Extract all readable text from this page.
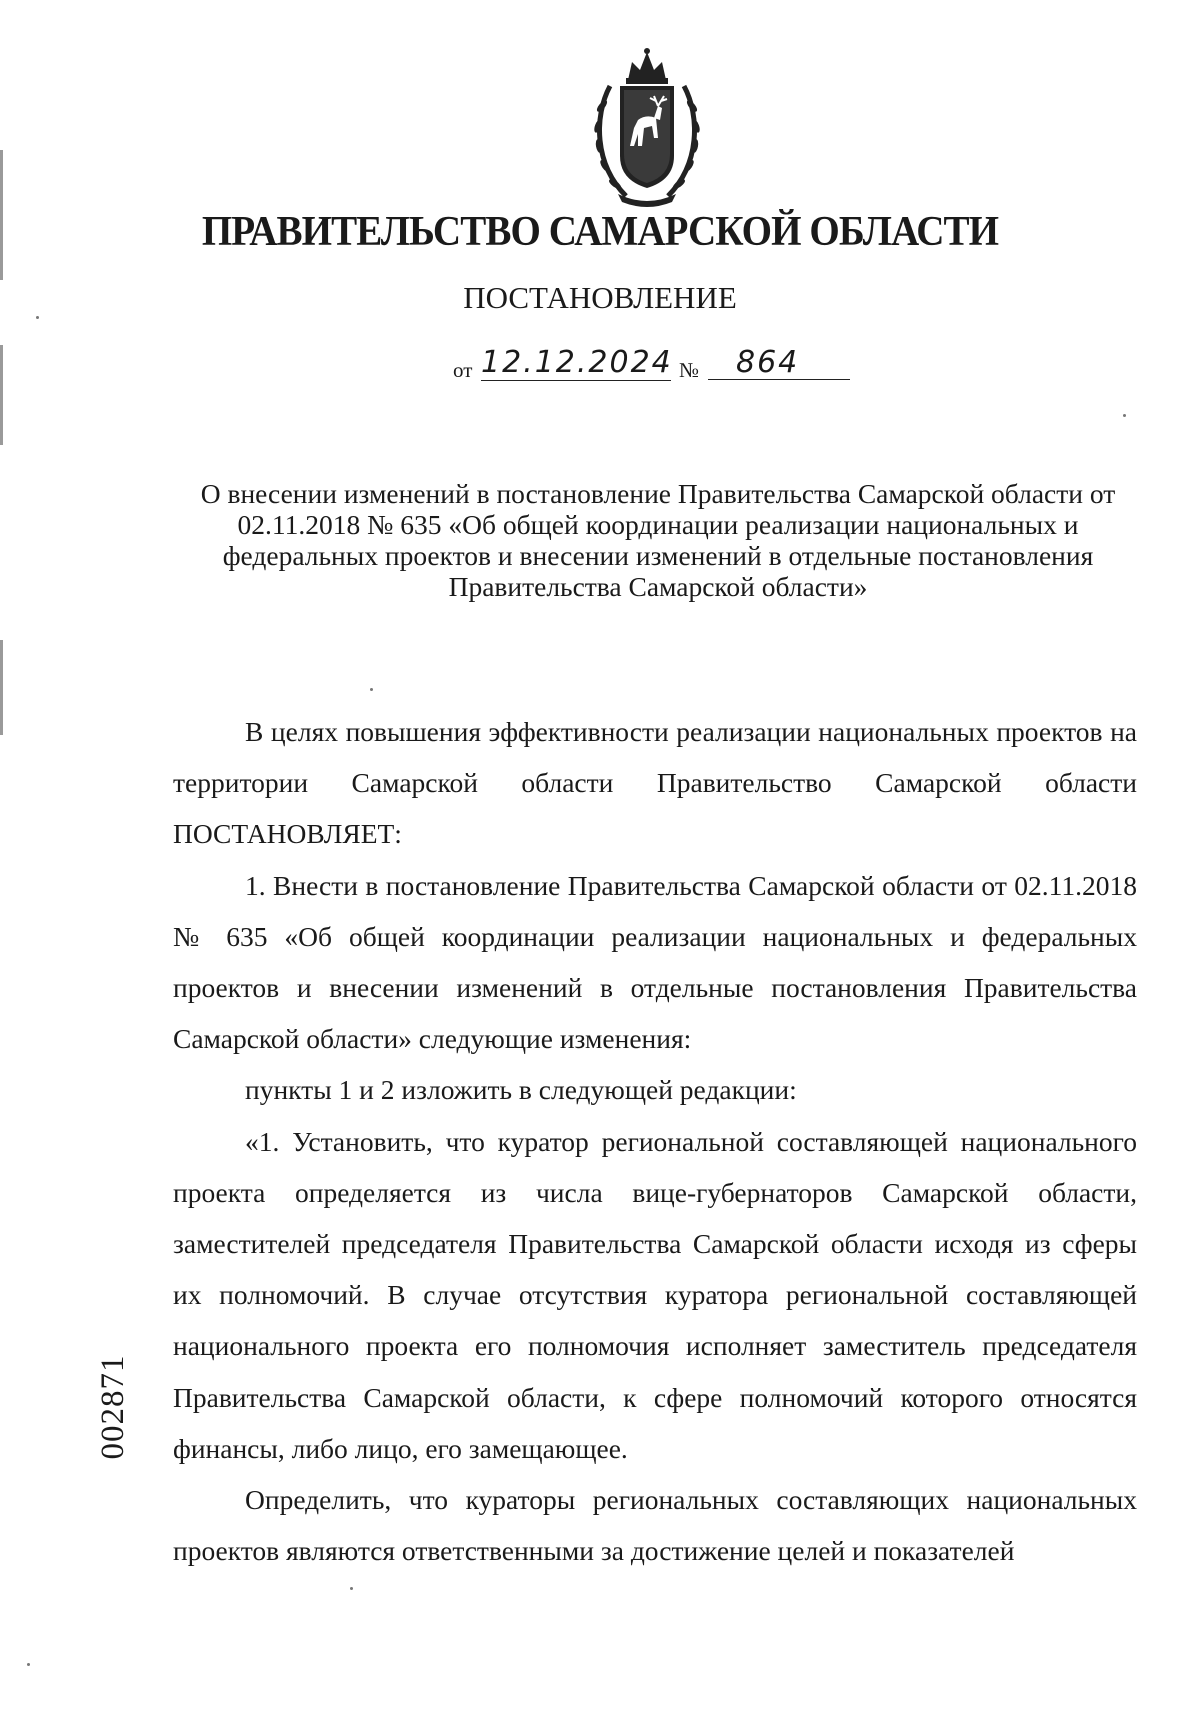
ПРАВИТЕЛЬСТВО САМАРСКОЙ ОБЛАСТИ
ПОСТАНОВЛЕНИЕ
от 12.12.2024 №	864
О внесении изменений в постановление Правительства Самарской области от 02.11.2018 № 635 «Об общей координации реализации национальных и федеральных проектов и внесении изменений в отдельные постановления Правительства Самарской области»

В целях повышения эффективности реализации национальных проектов на территории Самарской области Правительство Самарской области ПОСТАНОВЛЯЕТ:

1. Внести в постановление Правительства Самарской области от 02.11.2018 № 635 «Об общей координации реализации национальных и федеральных проектов и внесении изменений в отдельные постановления Правительства Самарской области» следующие изменения:

пункты 1 и 2 изложить в следующей редакции:

«1. Установить, что куратор региональной составляющей национального проекта определяется из числа вице-губернаторов Самарской области, заместителей председателя Правительства Самарской области исходя из сферы их полномочий. В случае отсутствия куратора региональной составляющей национального проекта его полномочия исполняет заместитель председателя Правительства Самарской области, к сфере полномочий которого относятся финансы, либо лицо, его замещающее.

Определить, что кураторы региональных составляющих национальных проектов являются ответственными за достижение целей и показателей

002871
